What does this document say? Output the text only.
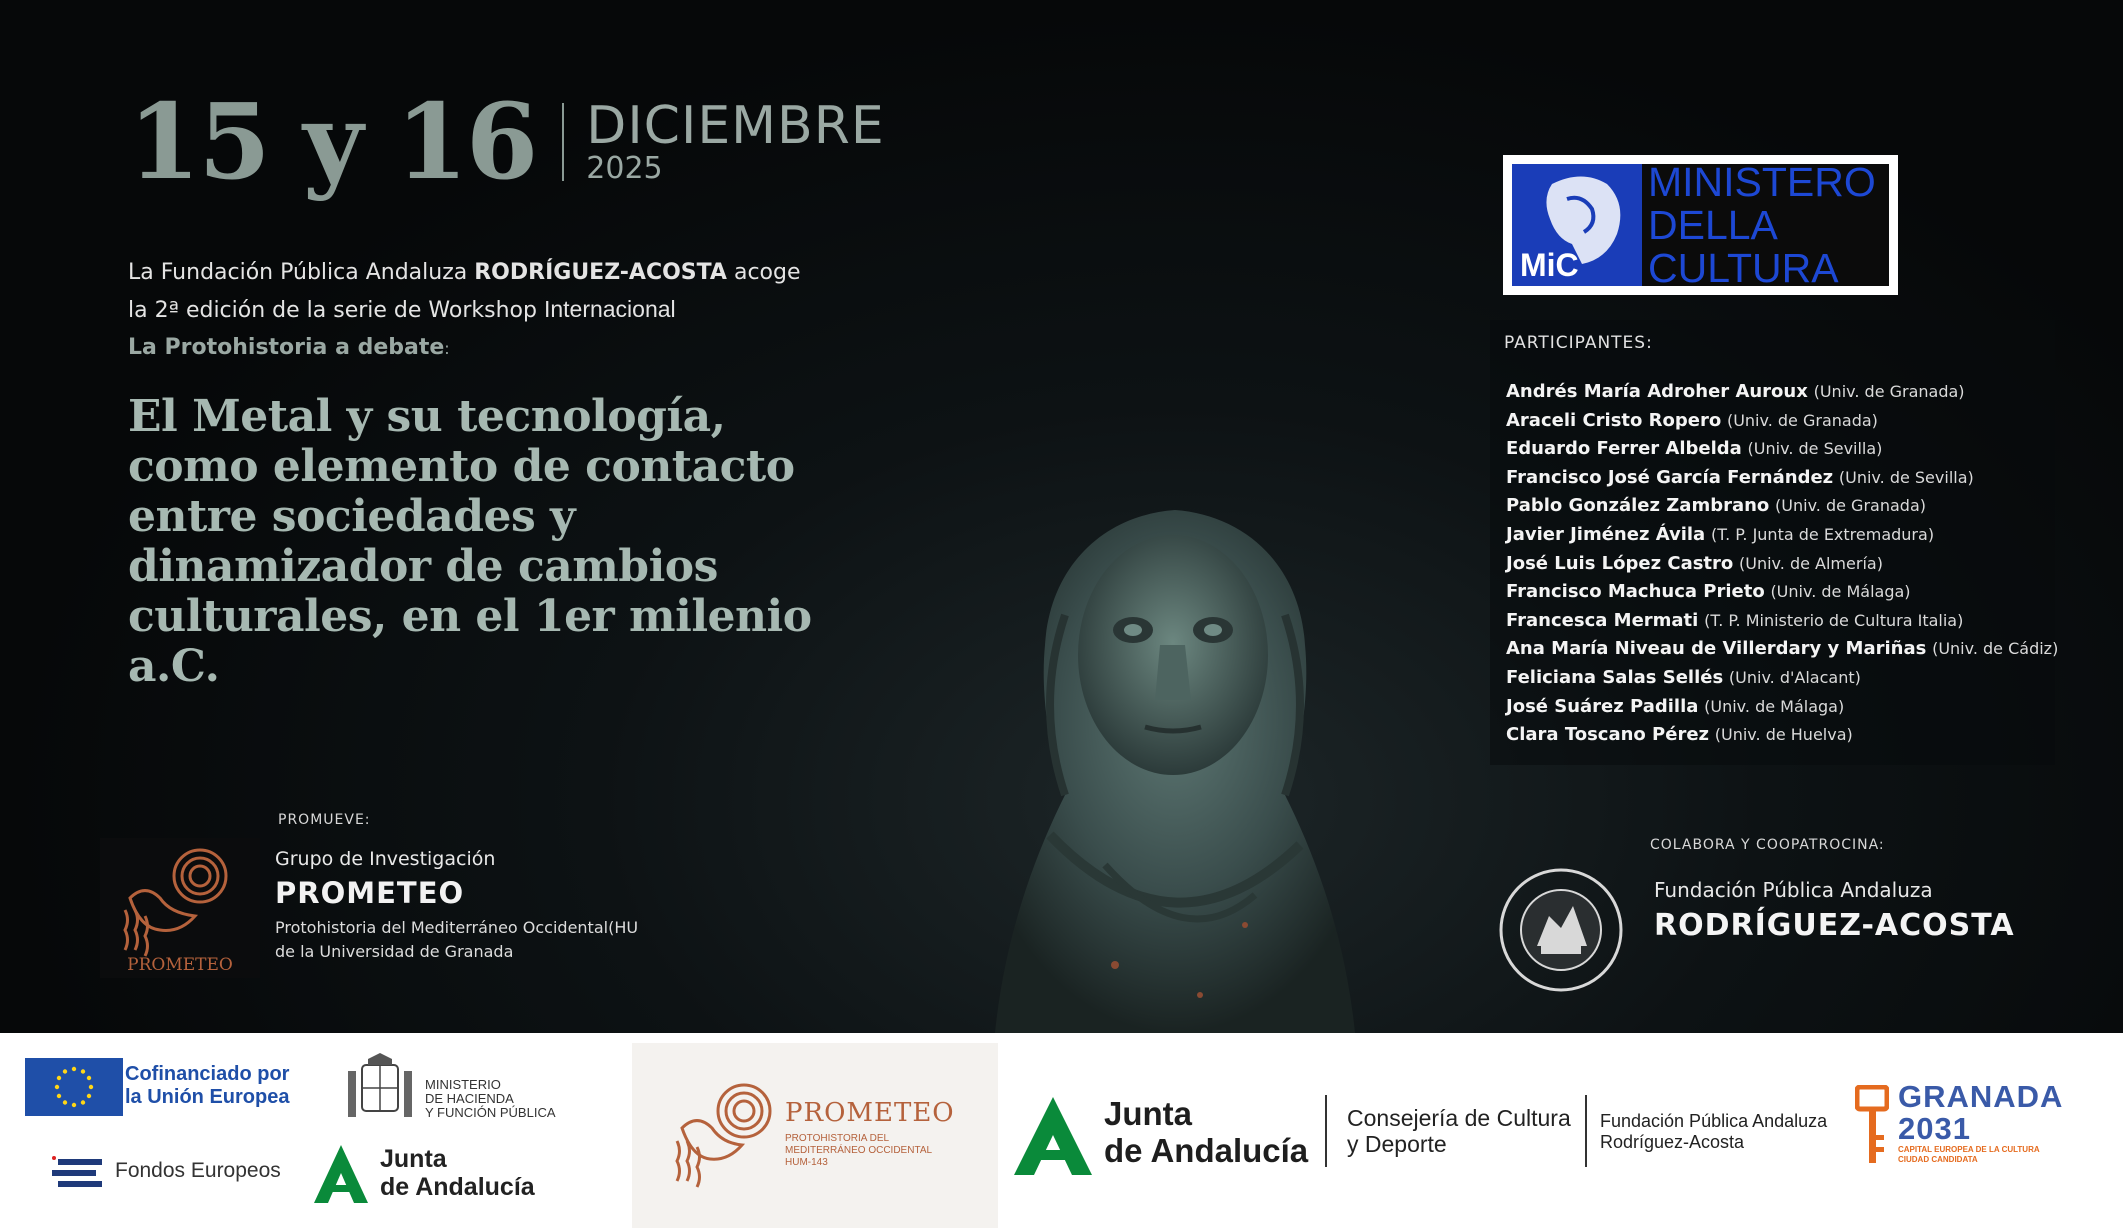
15 y 16 DICIEMBRE
2025
La Fundación Pública Andaluza RODRÍGUEZ-ACOSTA acoge
la 2ª edición de la serie de Workshop Internacional
La Protohistoria a debate:
El Metal y su tecnología, como elemento de contacto entre sociedades y dinamizador de cambios culturales, en el 1er milenio a.C.
PROMUEVE:
PROMETEO
Grupo de Investigación
PROMETEO
Protohistoria del Mediterráneo Occidental(HU
de la Universidad de Granada
MiC
MINISTERO
DELLA
CULTURA
PARTICIPANTES:
Andrés María Adroher Auroux (Univ. de Granada)
Araceli Cristo Ropero (Univ. de Granada)
Eduardo Ferrer Albelda (Univ. de Sevilla)
Francisco José García Fernández (Univ. de Sevilla)
Pablo González Zambrano (Univ. de Granada)
Javier Jiménez Ávila (T. P. Junta de Extremadura)
José Luis López Castro (Univ. de Almería)
Francisco Machuca Prieto (Univ. de Málaga)
Francesca Mermati (T. P. Ministerio de Cultura Italia)
Ana María Niveau de Villerdary y Mariñas (Univ. de Cádiz)
Feliciana Salas Sellés (Univ. d'Alacant)
José Suárez Padilla (Univ. de Málaga)
Clara Toscano Pérez (Univ. de Huelva)
COLABORA Y COOPATROCINA:
Fundación Pública Andaluza
RODRÍGUEZ-ACOSTA
Cofinanciado por
la Unión Europea
Fondos Europeos
MINISTERIO
DE HACIENDA
Y FUNCIÓN PÚBLICA
Junta
de Andalucía
PROMETEO
PROTOHISTORIA DEL
MEDITERRÁNEO OCCIDENTAL
HUM-143
Junta
de Andalucía
Consejería de Cultura
y Deporte
Fundación Pública Andaluza
Rodríguez-Acosta
GRANADA
2031
CAPITAL EUROPEA DE LA CULTURA
CIUDAD CANDIDATA
